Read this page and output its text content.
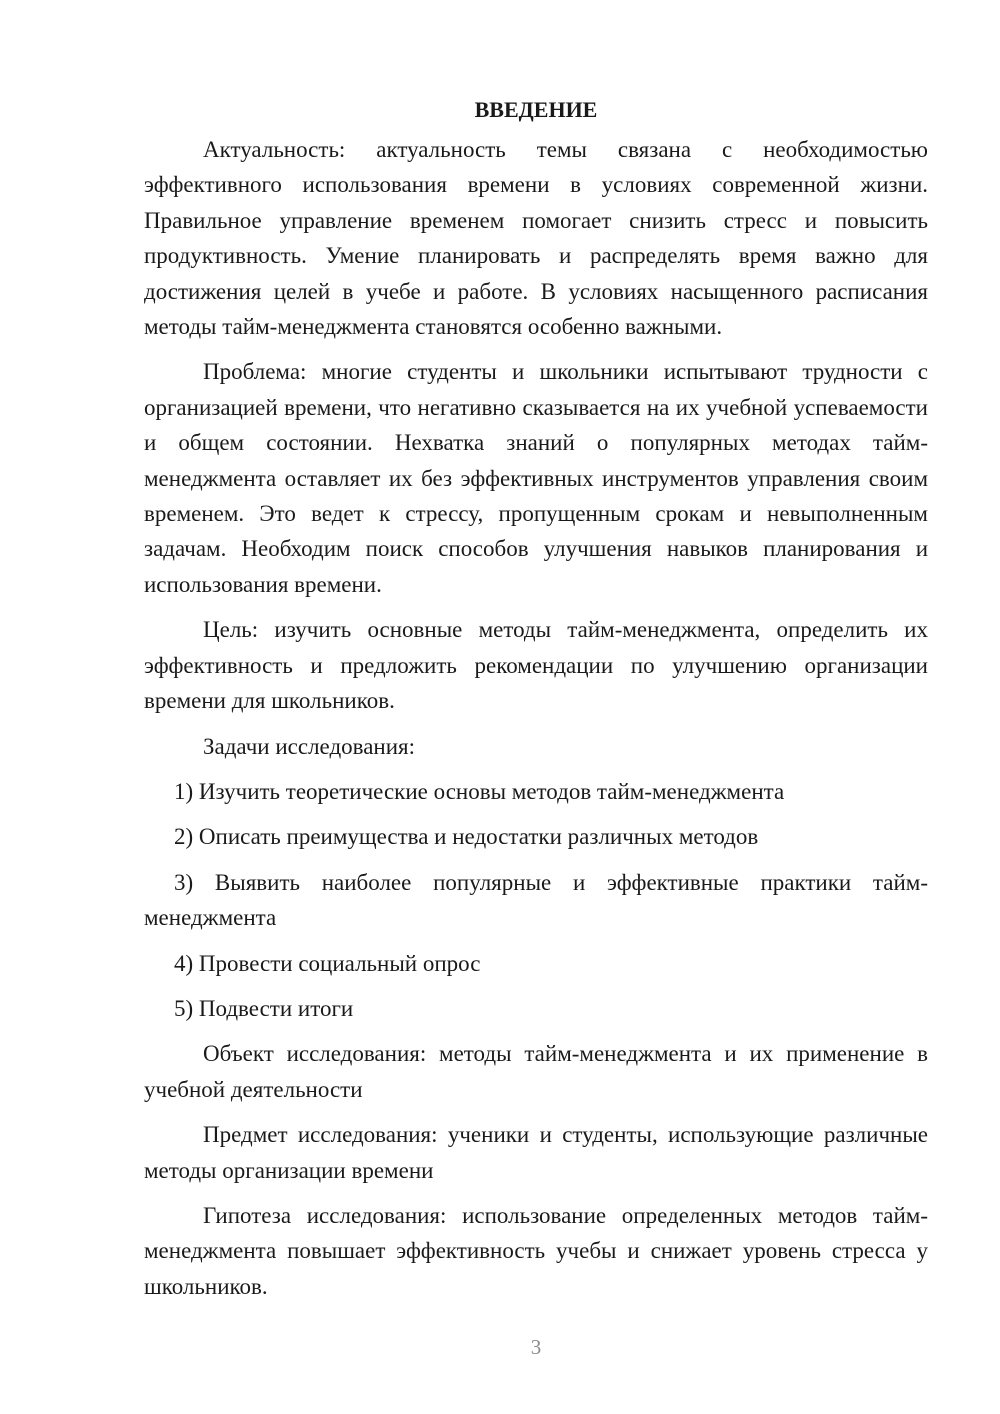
ВВЕДЕНИЕ

Актуальность: актуальность темы связана с необходимостью эффективного использования времени в условиях современной жизни. Правильное управление временем помогает снизить стресс и повысить продуктивность. Умение планировать и распределять время важно для достижения целей в учебе и работе. В условиях насыщенного расписания методы тайм-менеджмента становятся особенно важными.

Проблема: многие студенты и школьники испытывают трудности с организацией времени, что негативно сказывается на их учебной успеваемости и общем состоянии. Нехватка знаний о популярных методах тайм-менеджмента оставляет их без эффективных инструментов управления своим временем. Это ведет к стрессу, пропущенным срокам и невыполненным задачам. Необходим поиск способов улучшения навыков планирования и использования времени.

Цель: изучить основные методы тайм-менеджмента, определить их эффективность и предложить рекомендации по улучшению организации времени для школьников.

Задачи исследования:

1) Изучить теоретические основы методов тайм-менеджмента

2) Описать преимущества и недостатки различных методов

3) Выявить наиболее популярные и эффективные практики тайм-менеджмента

4) Провести социальный опрос

5) Подвести итоги

Объект исследования: методы тайм-менеджмента и их применение в учебной деятельности

Предмет исследования: ученики и студенты, использующие различные методы организации времени

Гипотеза исследования: использование определенных методов тайм-менеджмента повышает эффективность учебы и снижает уровень стресса у школьников.

3
